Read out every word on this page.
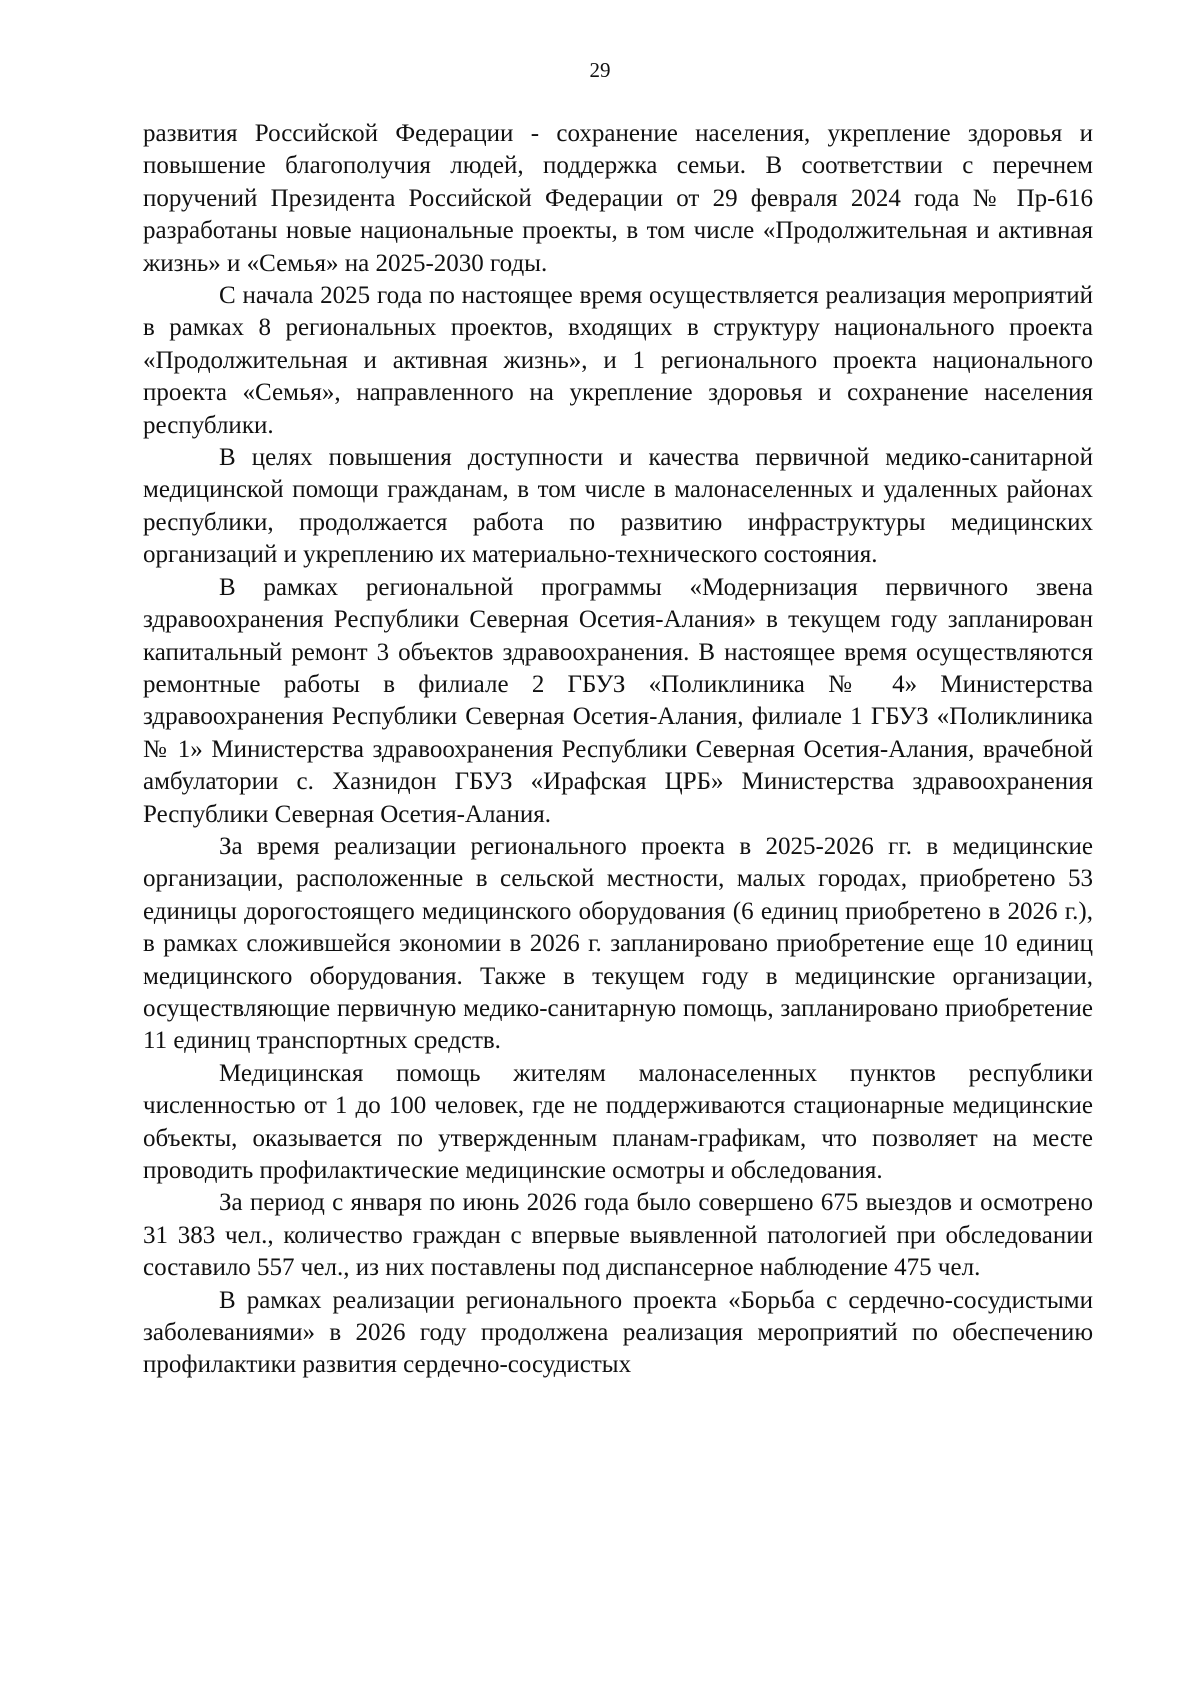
29

развития Российской Федерации - сохранение населения, укрепление здоровья и повышение благополучия людей, поддержка семьи. В соответствии с перечнем поручений Президента Российской Федерации от 29 февраля 2024 года № Пр-616 разработаны новые национальные проекты, в том числе «Продолжительная и активная жизнь» и «Семья» на 2025-2030 годы.

С начала 2025 года по настоящее время осуществляется реализация мероприятий в рамках 8 региональных проектов, входящих в структуру национального проекта «Продолжительная и активная жизнь», и 1 регионального проекта национального проекта «Семья», направленного на укрепление здоровья и сохранение населения республики.

В целях повышения доступности и качества первичной медико-санитарной медицинской помощи гражданам, в том числе в малонаселенных и удаленных районах республики, продолжается работа по развитию инфраструктуры медицинских организаций и укреплению их материально-технического состояния.

В рамках региональной программы «Модернизация первичного звена здравоохранения Республики Северная Осетия-Алания» в текущем году запланирован капитальный ремонт 3 объектов здравоохранения. В настоящее время осуществляются ремонтные работы в филиале 2 ГБУЗ «Поликлиника № 4» Министерства здравоохранения Республики Северная Осетия-Алания, филиале 1 ГБУЗ «Поликлиника № 1» Министерства здравоохранения Республики Северная Осетия-Алания, врачебной амбулатории с. Хазнидон ГБУЗ «Ирафская ЦРБ» Министерства здравоохранения Республики Северная Осетия-Алания.

За время реализации регионального проекта в 2025-2026 гг. в медицинские организации, расположенные в сельской местности, малых городах, приобретено 53 единицы дорогостоящего медицинского оборудования (6 единиц приобретено в 2026 г.), в рамках сложившейся экономии в 2026 г. запланировано приобретение еще 10 единиц медицинского оборудования. Также в текущем году в медицинские организации, осуществляющие первичную медико-санитарную помощь, запланировано приобретение 11 единиц транспортных средств.

Медицинская помощь жителям малонаселенных пунктов республики численностью от 1 до 100 человек, где не поддерживаются стационарные медицинские объекты, оказывается по утвержденным планам-графикам, что позволяет на месте проводить профилактические медицинские осмотры и обследования.

За период с января по июнь 2026 года было совершено 675 выездов и осмотрено 31 383 чел., количество граждан с впервые выявленной патологией при обследовании составило 557 чел., из них поставлены под диспансерное наблюдение 475 чел.

В рамках реализации регионального проекта «Борьба с сердечно-сосудистыми заболеваниями» в 2026 году продолжена реализация мероприятий по обеспечению профилактики развития сердечно-сосудистых
